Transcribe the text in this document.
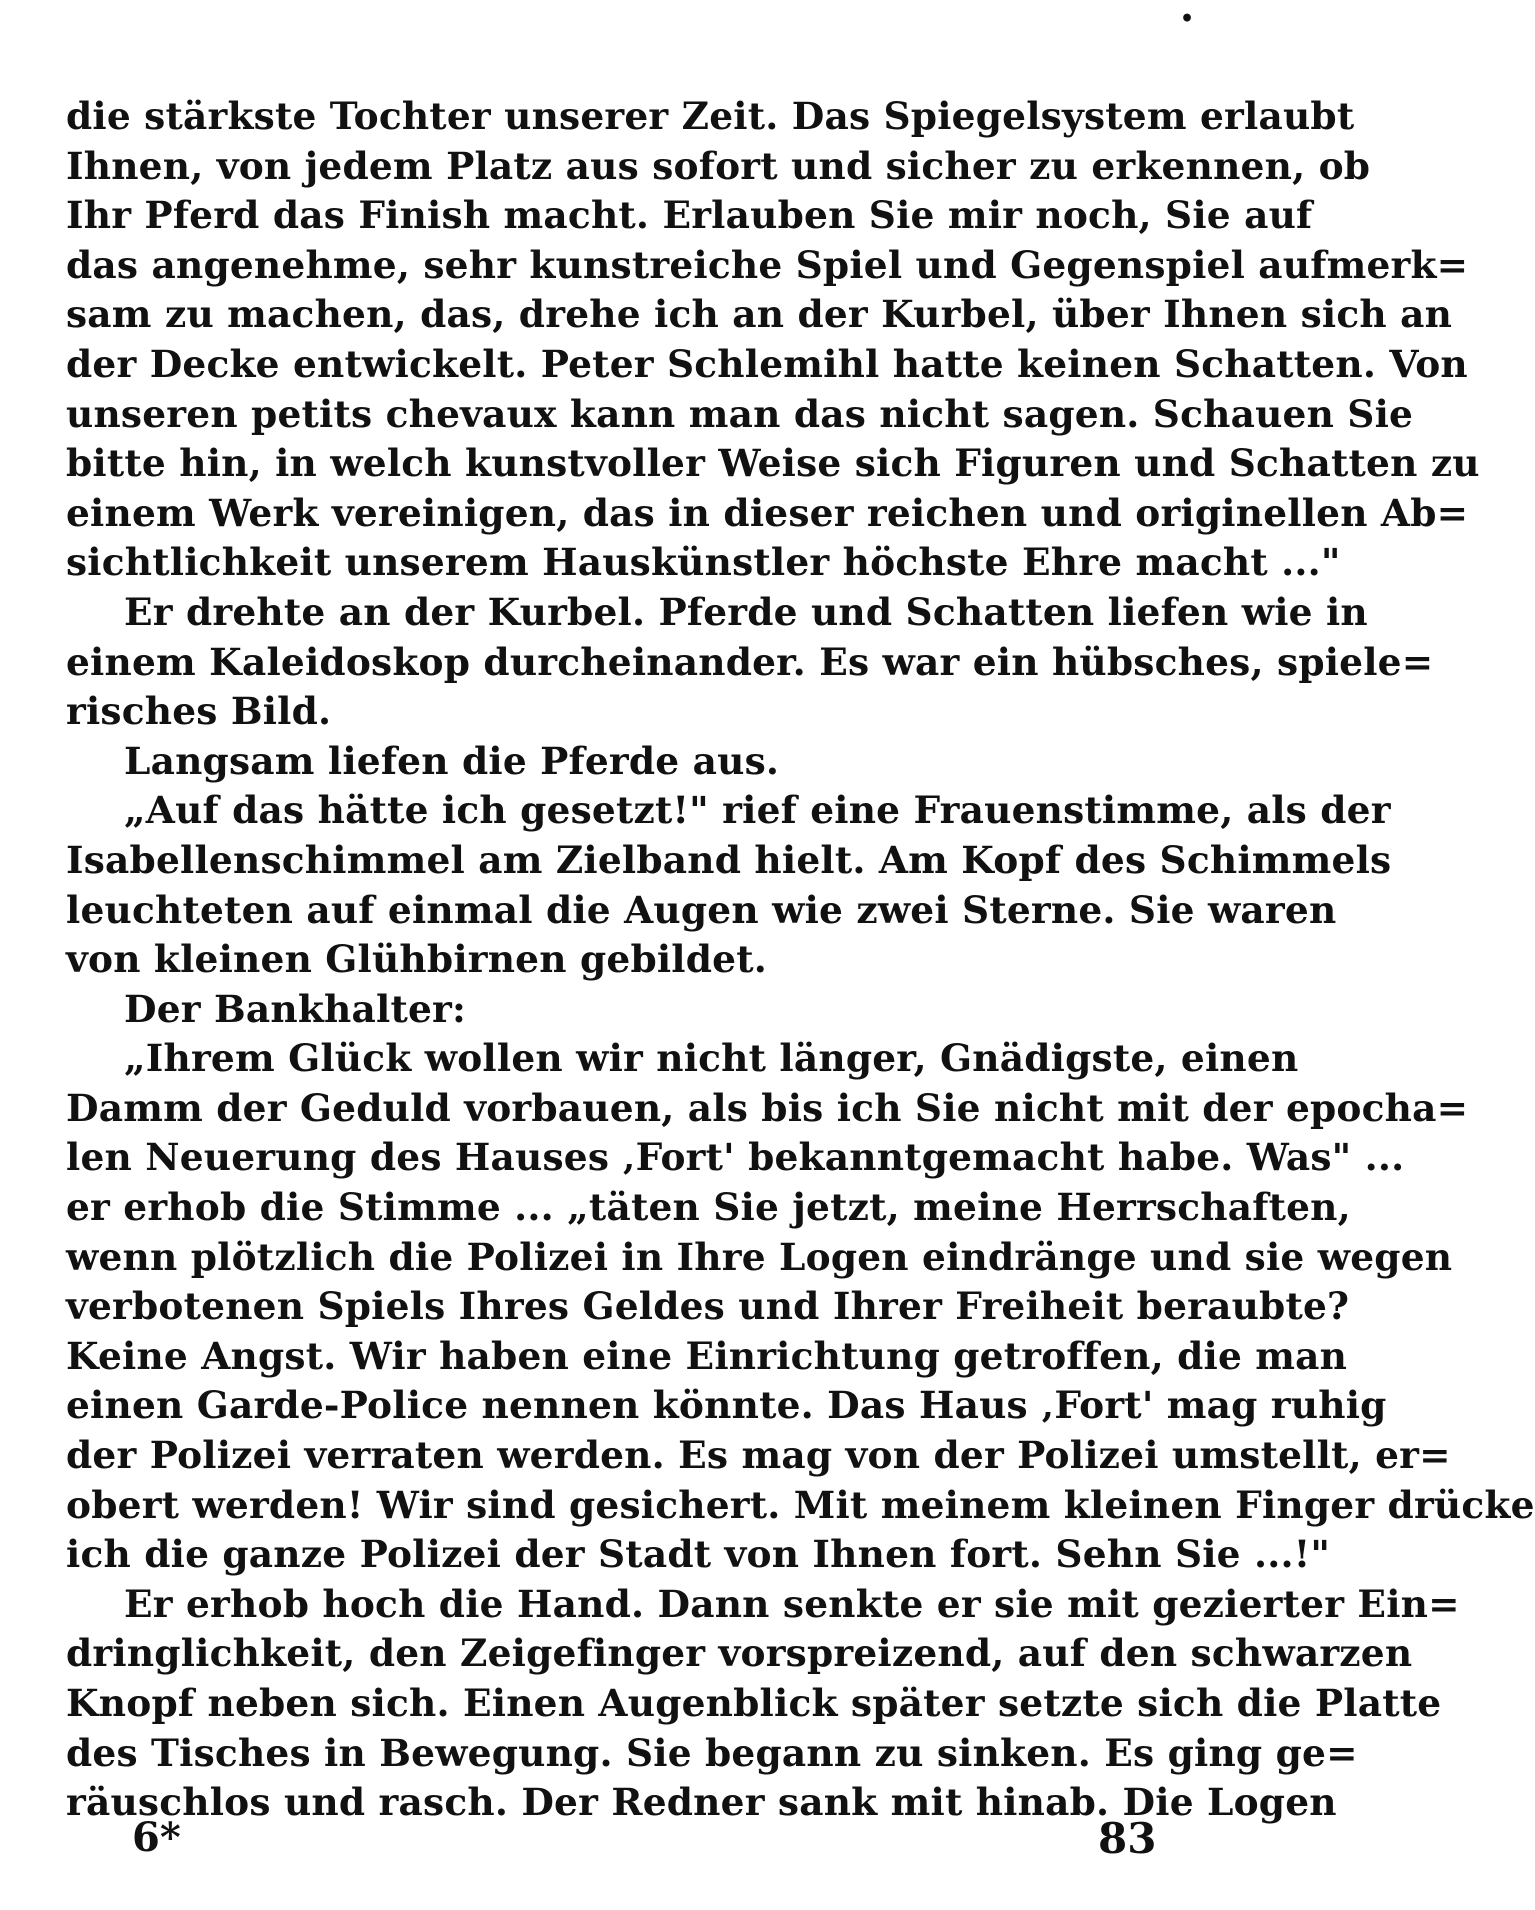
•
die stärkste Tochter unserer Zeit. Das Spiegelsystem erlaubt
Ihnen, von jedem Platz aus sofort und sicher zu erkennen, ob
Ihr Pferd das Finish macht. Erlauben Sie mir noch, Sie auf
das angenehme, sehr kunstreiche Spiel und Gegenspiel aufmerk=
sam zu machen, das, drehe ich an der Kurbel, über Ihnen sich an
der Decke entwickelt. Peter Schlemihl hatte keinen Schatten. Von
unseren petits chevaux kann man das nicht sagen. Schauen Sie
bitte hin, in welch kunstvoller Weise sich Figuren und Schatten zu
einem Werk vereinigen, das in dieser reichen und originellen Ab=
sichtlichkeit unserem Hauskünstler höchste Ehre macht ..."
Er drehte an der Kurbel. Pferde und Schatten liefen wie in
einem Kaleidoskop durcheinander. Es war ein hübsches, spiele=
risches Bild.
Langsam liefen die Pferde aus.
„Auf das hätte ich gesetzt!" rief eine Frauenstimme, als der
Isabellenschimmel am Zielband hielt. Am Kopf des Schimmels
leuchteten auf einmal die Augen wie zwei Sterne. Sie waren
von kleinen Glühbirnen gebildet.
Der Bankhalter:
„Ihrem Glück wollen wir nicht länger, Gnädigste, einen
Damm der Geduld vorbauen, als bis ich Sie nicht mit der epocha=
len Neuerung des Hauses ‚Fort' bekanntgemacht habe. Was" ...
er erhob die Stimme ... „täten Sie jetzt, meine Herrschaften,
wenn plötzlich die Polizei in Ihre Logen eindränge und sie wegen
verbotenen Spiels Ihres Geldes und Ihrer Freiheit beraubte?
Keine Angst. Wir haben eine Einrichtung getroffen, die man
einen Garde-Police nennen könnte. Das Haus ‚Fort' mag ruhig
der Polizei verraten werden. Es mag von der Polizei umstellt, er=
obert werden! Wir sind gesichert. Mit meinem kleinen Finger drücke
ich die ganze Polizei der Stadt von Ihnen fort. Sehn Sie ...!"
Er erhob hoch die Hand. Dann senkte er sie mit gezierter Ein=
dringlichkeit, den Zeigefinger vorspreizend, auf den schwarzen
Knopf neben sich. Einen Augenblick später setzte sich die Platte
des Tisches in Bewegung. Sie begann zu sinken. Es ging ge=
räuschlos und rasch. Der Redner sank mit hinab. Die Logen
6*	83
